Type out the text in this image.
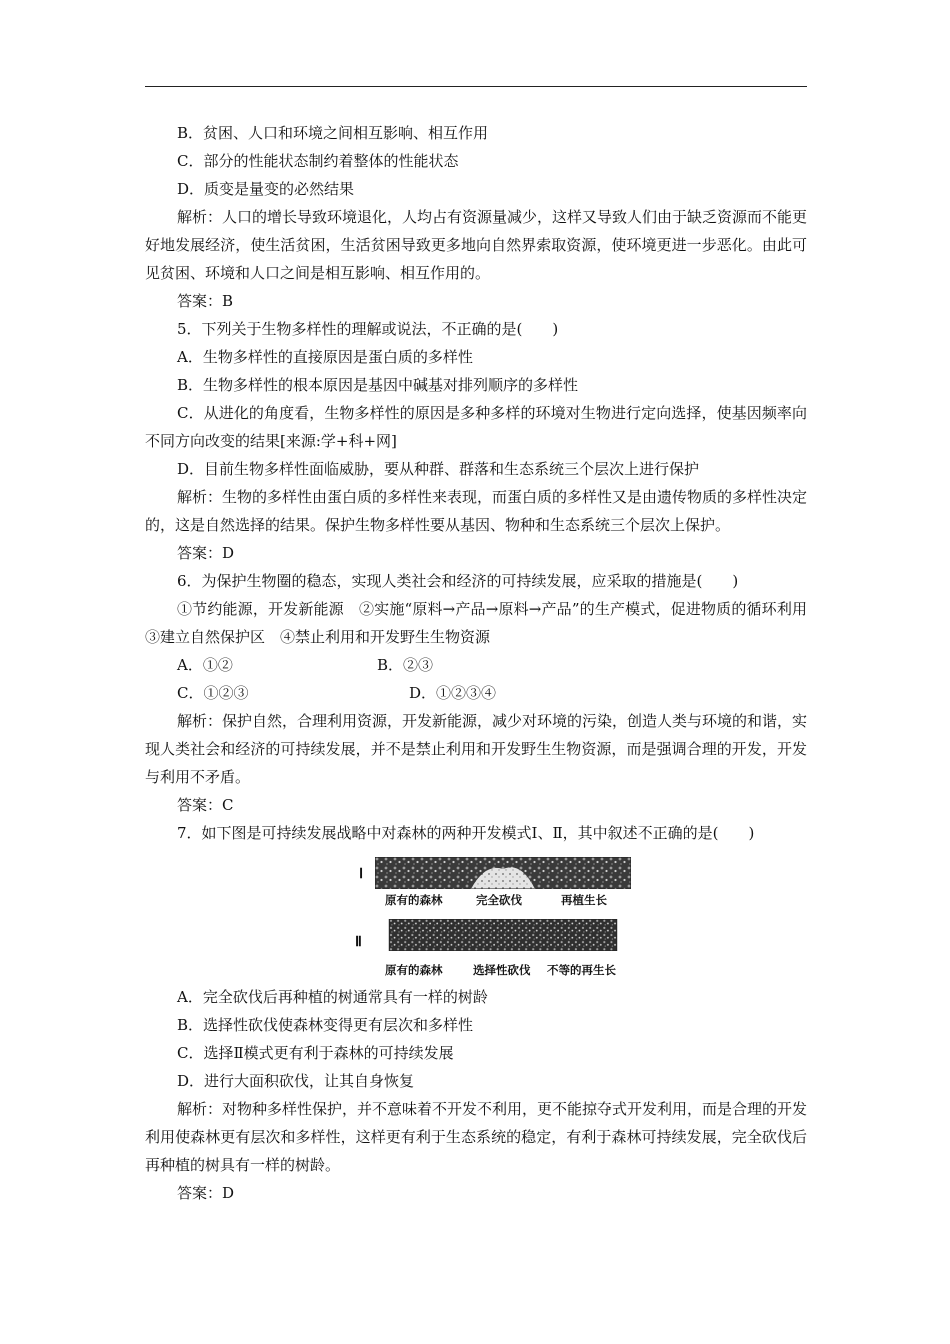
B．贫困、人口和环境之间相互影响、相互作用

C．部分的性能状态制约着整体的性能状态

D．质变是量变的必然结果

解析：人口的增长导致环境退化，人均占有资源量减少，这样又导致人们由于缺乏资源而不能更好地发展经济，使生活贫困，生活贫困导致更多地向自然界索取资源，使环境更进一步恶化。由此可见贫困、环境和人口之间是相互影响、相互作用的。

答案：B

5．下列关于生物多样性的理解或说法，不正确的是(　　)

A．生物多样性的直接原因是蛋白质的多样性

B．生物多样性的根本原因是基因中碱基对排列顺序的多样性

C．从进化的角度看，生物多样性的原因是多种多样的环境对生物进行定向选择，使基因频率向不同方向改变的结果[来源:学+科+网]

D．目前生物多样性面临威胁，要从种群、群落和生态系统三个层次上进行保护

解析：生物的多样性由蛋白质的多样性来表现，而蛋白质的多样性又是由遗传物质的多样性决定的，这是自然选择的结果。保护生物多样性要从基因、物种和生态系统三个层次上保护。

答案：D

6．为保护生物圈的稳态，实现人类社会和经济的可持续发展，应采取的措施是(　　)

①节约能源，开发新能源　②实施“原料→产品→原料→产品”的生产模式，促进物质的循环利用　③建立自然保护区　④禁止利用和开发野生生物资源

A．①②	B．②③
C．①②③	D．①②③④

解析：保护自然，合理利用资源，开发新能源，减少对环境的污染，创造人类与环境的和谐，实现人类社会和经济的可持续发展，并不是禁止利用和开发野生生物资源，而是强调合理的开发，开发与利用不矛盾。

答案：C

7．如下图是可持续发展战略中对森林的两种开发模式Ⅰ、Ⅱ，其中叙述不正确的是(　　)

Ⅰ
原有的森林	完全砍伐	再植生长
Ⅱ
原有的森林	选择性砍伐 不等的再生长

A．完全砍伐后再种植的树通常具有一样的树龄

B．选择性砍伐使森林变得更有层次和多样性

C．选择Ⅱ模式更有利于森林的可持续发展

D．进行大面积砍伐，让其自身恢复

解析：对物种多样性保护，并不意味着不开发不利用，更不能掠夺式开发利用，而是合理的开发利用使森林更有层次和多样性，这样更有利于生态系统的稳定，有利于森林可持续发展，完全砍伐后再种植的树具有一样的树龄。

答案：D
